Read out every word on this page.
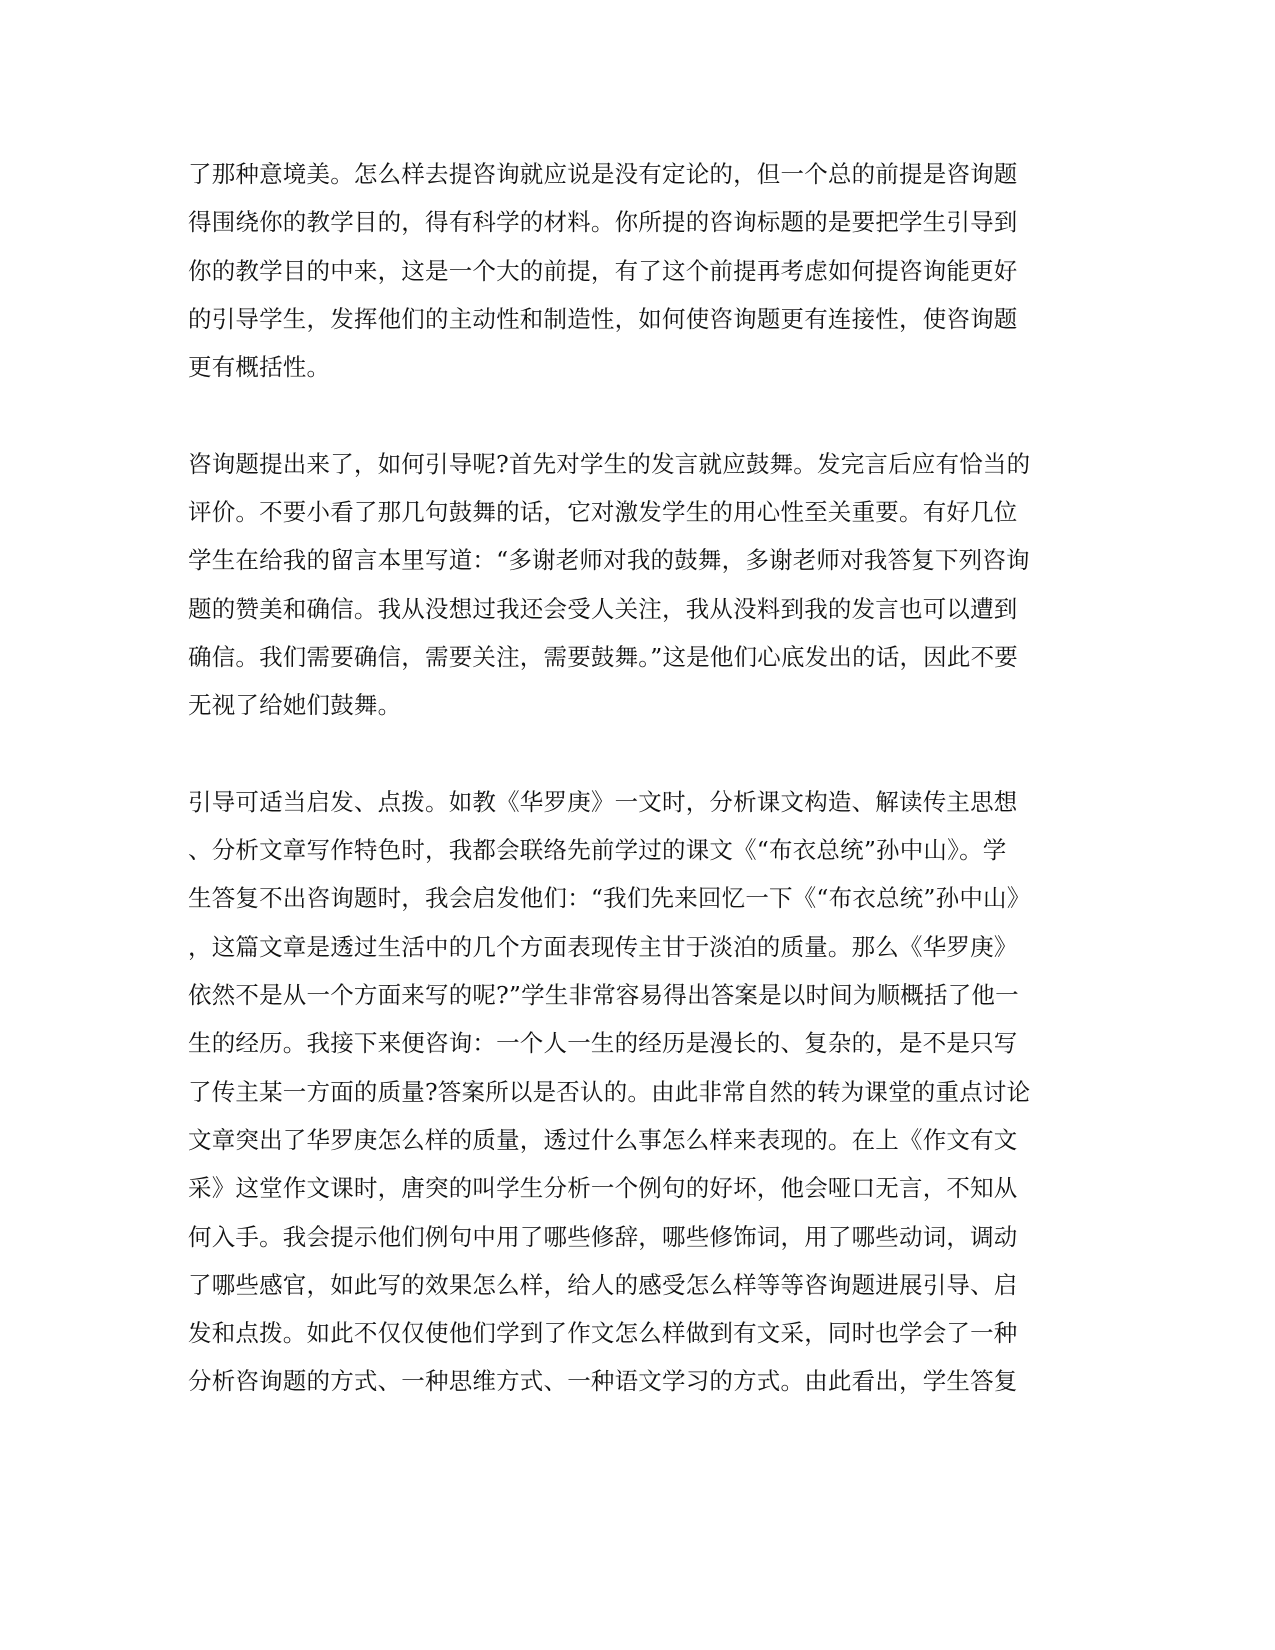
了那种意境美。怎么样去提咨询就应说是没有定论的，但一个总的前提是咨询题
得围绕你的教学目的，得有科学的材料。你所提的咨询标题的是要把学生引导到
你的教学目的中来，这是一个大的前提，有了这个前提再考虑如何提咨询能更好
的引导学生，发挥他们的主动性和制造性，如何使咨询题更有连接性，使咨询题
更有概括性。

咨询题提出来了，如何引导呢?首先对学生的发言就应鼓舞。发完言后应有恰当的
评价。不要小看了那几句鼓舞的话，它对激发学生的用心性至关重要。有好几位
学生在给我的留言本里写道：“多谢老师对我的鼓舞，多谢老师对我答复下列咨询
题的赞美和确信。我从没想过我还会受人关注，我从没料到我的发言也可以遭到
确信。我们需要确信，需要关注，需要鼓舞。”这是他们心底发出的话，因此不要
无视了给她们鼓舞。

引导可适当启发、点拨。如教《华罗庚》一文时，分析课文构造、解读传主思想
、分析文章写作特色时，我都会联络先前学过的课文《“布衣总统”孙中山》。学
生答复不出咨询题时，我会启发他们：“我们先来回忆一下《“布衣总统”孙中山》
，这篇文章是透过生活中的几个方面表现传主甘于淡泊的质量。那么《华罗庚》
依然不是从一个方面来写的呢?”学生非常容易得出答案是以时间为顺概括了他一
生的经历。我接下来便咨询：一个人一生的经历是漫长的、复杂的，是不是只写
了传主某一方面的质量?答案所以是否认的。由此非常自然的转为课堂的重点讨论
文章突出了华罗庚怎么样的质量，透过什么事怎么样来表现的。在上《作文有文
采》这堂作文课时，唐突的叫学生分析一个例句的好坏，他会哑口无言，不知从
何入手。我会提示他们例句中用了哪些修辞，哪些修饰词，用了哪些动词，调动
了哪些感官，如此写的效果怎么样，给人的感受怎么样等等咨询题进展引导、启
发和点拨。如此不仅仅使他们学到了作文怎么样做到有文采，同时也学会了一种
分析咨询题的方式、一种思维方式、一种语文学习的方式。由此看出，学生答复
